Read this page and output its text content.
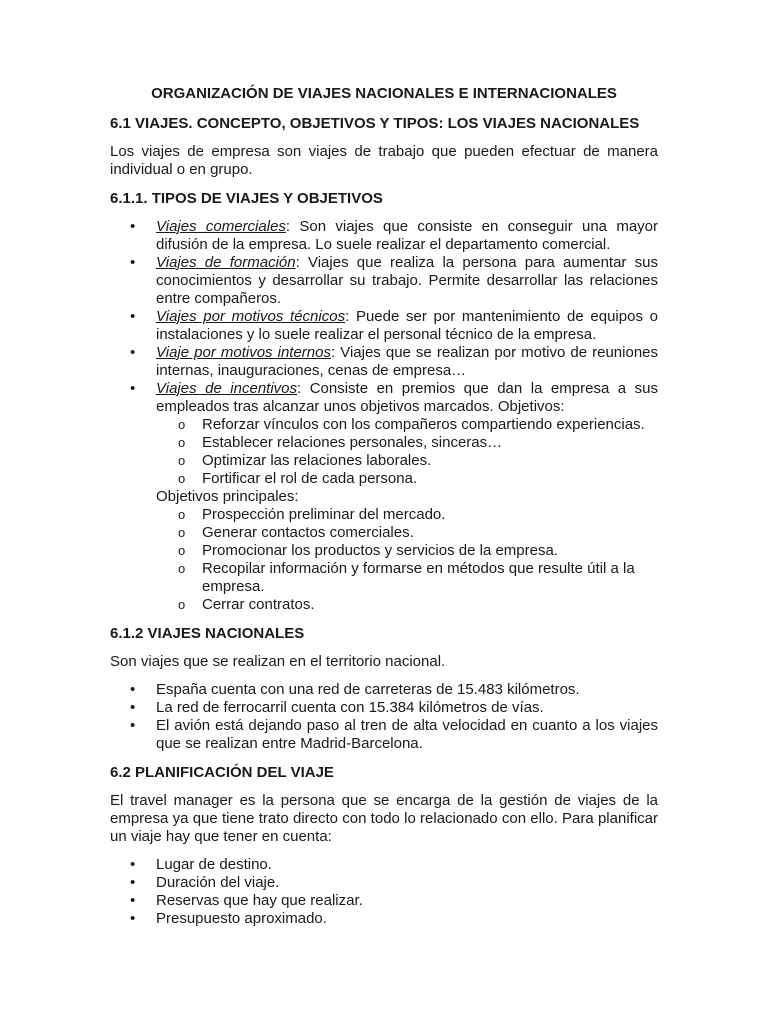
ORGANIZACIÓN DE VIAJES NACIONALES E INTERNACIONALES
6.1 VIAJES. CONCEPTO, OBJETIVOS Y TIPOS: LOS VIAJES NACIONALES
Los viajes de empresa son viajes de trabajo que pueden efectuar de manera individual o en grupo.
6.1.1. TIPOS DE VIAJES Y OBJETIVOS
• Viajes comerciales: Son viajes que consiste en conseguir una mayor difusión de la empresa. Lo suele realizar el departamento comercial.
• Viajes de formación: Viajes que realiza la persona para aumentar sus conocimientos y desarrollar su trabajo. Permite desarrollar las relaciones entre compañeros.
• Viajes por motivos técnicos: Puede ser por mantenimiento de equipos o instalaciones y lo suele realizar el personal técnico de la empresa.
• Viaje por motivos internos: Viajes que se realizan por motivo de reuniones internas, inauguraciones, cenas de empresa…
• Viajes de incentivos: Consiste en premios que dan la empresa a sus empleados tras alcanzar unos objetivos marcados. Objetivos:
o Reforzar vínculos con los compañeros compartiendo experiencias.
o Establecer relaciones personales, sinceras…
o Optimizar las relaciones laborales.
o Fortificar el rol de cada persona.
Objetivos principales:
o Prospección preliminar del mercado.
o Generar contactos comerciales.
o Promocionar los productos y servicios de la empresa.
o Recopilar información y formarse en métodos que resulte útil a la empresa.
o Cerrar contratos.
6.1.2 VIAJES NACIONALES
Son viajes que se realizan en el territorio nacional.
• España cuenta con una red de carreteras de 15.483 kilómetros.
• La red de ferrocarril cuenta con 15.384 kilómetros de vías.
• El avión está dejando paso al tren de alta velocidad en cuanto a los viajes que se realizan entre Madrid-Barcelona.
6.2 PLANIFICACIÓN DEL VIAJE
El travel manager es la persona que se encarga de la gestión de viajes de la empresa ya que tiene trato directo con todo lo relacionado con ello. Para planificar un viaje hay que tener en cuenta:
• Lugar de destino.
• Duración del viaje.
• Reservas que hay que realizar.
• Presupuesto aproximado.
